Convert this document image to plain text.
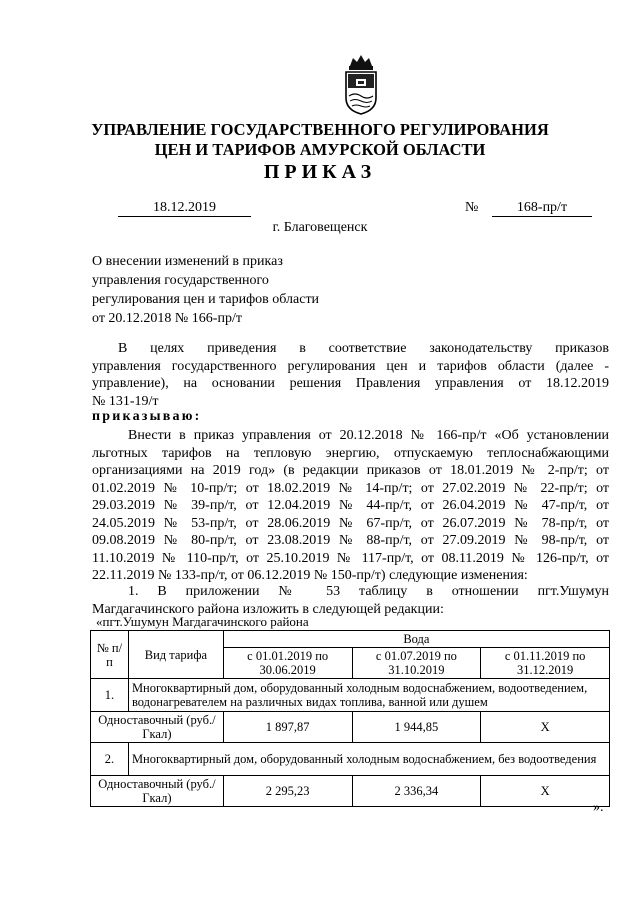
УПРАВЛЕНИЕ ГОСУДАРСТВЕННОГО РЕГУЛИРОВАНИЯ
ЦЕН И ТАРИФОВ АМУРСКОЙ ОБЛАСТИ
ПРИКАЗ
18.12.2019	№	168-пр/т
г. Благовещенск
О внесении изменений в приказ
управления государственного
регулирования цен и тарифов области
от 20.12.2018 № 166-пр/т
В целях приведения в соответствие законодательству приказов
управления государственного регулирования цен и тарифов области (далее -
управление), на основании решения Правления управления от 18.12.2019
№ 131-19/т
приказываю:
Внести в приказ управления от 20.12.2018 № 166-пр/т «Об установлении
льготных тарифов на тепловую энергию, отпускаемую теплоснабжающими
организациями на 2019 год» (в редакции приказов от 18.01.2019 № 2-пр/т; от
01.02.2019 № 10-пр/т; от 18.02.2019 № 14-пр/т; от 27.02.2019 № 22-пр/т; от
29.03.2019 № 39-пр/т, от 12.04.2019 № 44-пр/т, от 26.04.2019 № 47-пр/т, от
24.05.2019 № 53-пр/т, от 28.06.2019 № 67-пр/т, от 26.07.2019 № 78-пр/т, от
09.08.2019 № 80-пр/т, от 23.08.2019 № 88-пр/т, от 27.09.2019 № 98-пр/т, от
11.10.2019 № 110-пр/т, от 25.10.2019 № 117-пр/т, от 08.11.2019 № 126-пр/т, от
22.11.2019 № 133-пр/т, от 06.12.2019 № 150-пр/т) следующие изменения:
1. В приложении № 53 таблицу в отношении пгт.Ушумун
Магдагачинского района изложить в следующей редакции:
«пгт.Ушумун Магдагачинского района
№ п/п	Вид тарифа	Вода		
		с 01.01.2019 по 30.06.2019	с 01.07.2019 по 31.10.2019	с 01.11.2019 по 31.12.2019
1.	Многоквартирный дом, оборудованный холодным водоснабжением, водоотведением, водонагревателем на различных видах топлива, ванной или душем			
Одноставочный (руб./Гкал)		1 897,87	1 944,85	X
2.	Многоквартирный дом, оборудованный холодным водоснабжением, без водоотведения			
Одноставочный (руб./Гкал)		2 295,23	2 336,34	X
».
